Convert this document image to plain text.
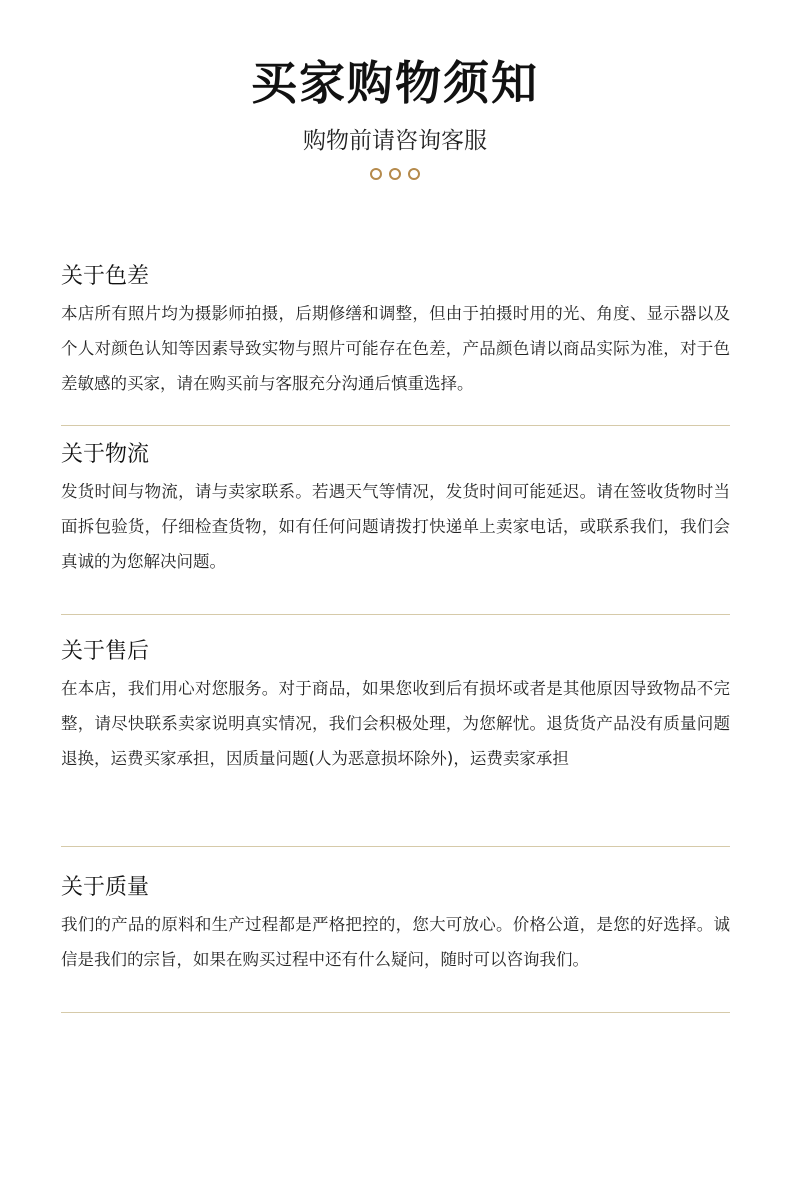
买家购物须知
购物前请咨询客服
关于色差
本店所有照片均为摄影师拍摄，后期修缮和调整，但由于拍摄时用的光、角度、显示器以及个人对颜色认知等因素导致实物与照片可能存在色差，产品颜色请以商品实际为准，对于色差敏感的买家，请在购买前与客服充分沟通后慎重选择。
关于物流
发货时间与物流，请与卖家联系。若遇天气等情况，发货时间可能延迟。请在签收货物时当面拆包验货，仔细检查货物，如有任何问题请拨打快递单上卖家电话，或联系我们，我们会真诚的为您解决问题。
关于售后
在本店，我们用心对您服务。对于商品，如果您收到后有损坏或者是其他原因导致物品不完整，请尽快联系卖家说明真实情况，我们会积极处理，为您解忧。退货货产品没有质量问题退换，运费买家承担，因质量问题(人为恶意损坏除外)，运费卖家承担
关于质量
我们的产品的原料和生产过程都是严格把控的，您大可放心。价格公道，是您的好选择。诚信是我们的宗旨，如果在购买过程中还有什么疑问，随时可以咨询我们。
